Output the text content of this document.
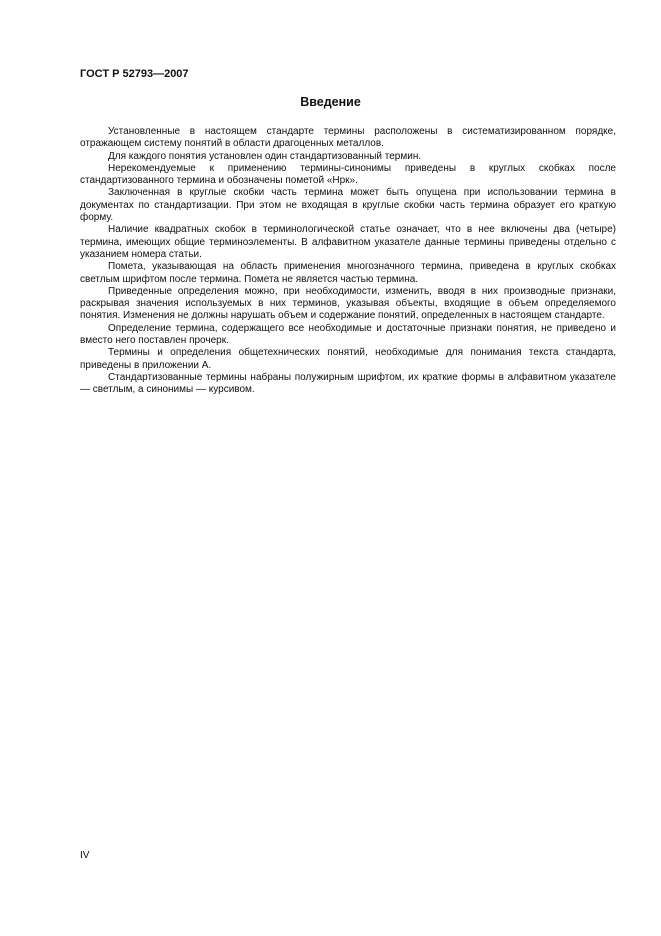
ГОСТ Р 52793—2007
Введение

Установленные в настоящем стандарте термины расположены в систематизированном порядке, отражающем систему понятий в области драгоценных металлов.

Для каждого понятия установлен один стандартизованный термин.

Нерекомендуемые к применению термины-синонимы приведены в круглых скобках после стандартизованного термина и обозначены пометой «Нрк».

Заключенная в круглые скобки часть термина может быть опущена при использовании термина в документах по стандартизации. При этом не входящая в круглые скобки часть термина образует его краткую форму.

Наличие квадратных скобок в терминологической статье означает, что в нее включены два (четыре) термина, имеющих общие терминоэлементы. В алфавитном указателе данные термины приведены отдельно с указанием номера статьи.

Помета, указывающая на область применения многозначного термина, приведена в круглых скобках светлым шрифтом после термина. Помета не является частью термина.

Приведенные определения можно, при необходимости, изменить, вводя в них производные признаки, раскрывая значения используемых в них терминов, указывая объекты, входящие в объем определяемого понятия. Изменения не должны нарушать объем и содержание понятий, определенных в настоящем стандарте.

Определение термина, содержащего все необходимые и достаточные признаки понятия, не приведено и вместо него поставлен прочерк.

Термины и определения общетехнических понятий, необходимые для понимания текста стандарта, приведены в приложении А.

Стандартизованные термины набраны полужирным шрифтом, их краткие формы в алфавитном указателе — светлым, а синонимы — курсивом.

IV
